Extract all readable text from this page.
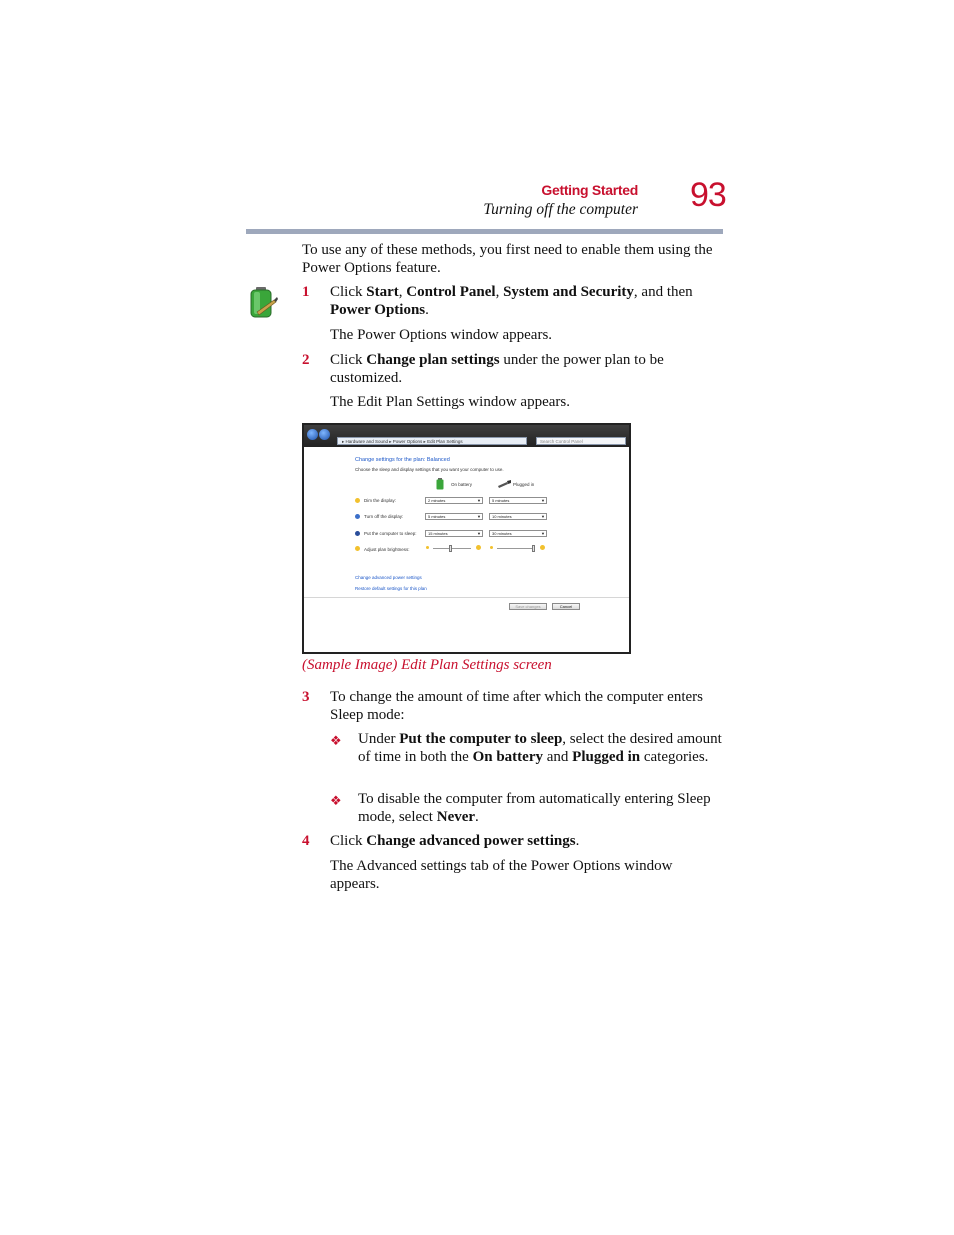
Getting Started
Turning off the computer 93
To use any of these methods, you first need to enable them using the Power Options feature.
1 Click Start, Control Panel, System and Security, and then Power Options.
The Power Options window appears.
2 Click Change plan settings under the power plan to be customized.
The Edit Plan Settings window appears.
▸ Hardware and Sound ▸ Power Options ▸ Edit Plan Settings	Search Control Panel
Change settings for the plan: Balanced
Choose the sleep and display settings that you want your computer to use.
On battery	Plugged in
Dim the display:	2 minutes	▼	5 minutes	▼
Turn off the display:	5 minutes	▼	10 minutes	▼
Put the computer to sleep:	15 minutes	▼	30 minutes	▼
Adjust plan brightness:
Change advanced power settings
Restore default settings for this plan
Save changes	Cancel
(Sample Image) Edit Plan Settings screen
3 To change the amount of time after which the computer enters Sleep mode:
❖ Under Put the computer to sleep, select the desired amount of time in both the On battery and Plugged in categories.
❖ To disable the computer from automatically entering Sleep mode, select Never.
4 Click Change advanced power settings.
The Advanced settings tab of the Power Options window appears.
